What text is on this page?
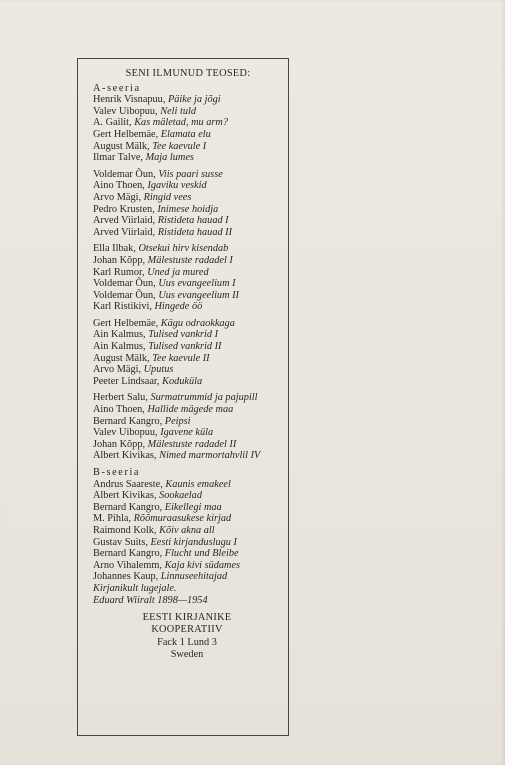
SENI ILMUNUD TEOSED:
A-seeria
Henrik Visnapuu, Päike ja jõgi
Valev Uibopuu, Neli tuld
A. Gailit, Kas mäletad, mu arm?
Gert Helbemäe, Elamata elu
August Mälk, Tee kaevule I
Ilmar Talve, Maja lumes
Voldemar Õun, Viis paari susse
Aino Thoen, Igaviku veskid
Arvo Mägi, Ringid vees
Pedro Krusten, Inimese hoidja
Arved Viirlaid, Ristideta hauad I
Arved Viirlaid, Ristideta hauad II
Ella Ilbak, Otsekui hirv kisendab
Johan Kõpp, Mälestuste radadel I
Karl Rumor, Uned ja mured
Voldemar Õun, Uus evangeelium I
Voldemar Õun, Uus evangeelium II
Karl Ristikivi, Hingede öö
Gert Helbemäe, Kägu odraokkaga
Ain Kalmus, Tulised vankrid I
Ain Kalmus, Tulised vankrid II
August Mälk, Tee kaevule II
Arvo Mägi, Uputus
Peeter Lindsaar, Koduküla
Herbert Salu, Surmatrummid ja pajupill
Aino Thoen, Hallide mägede maa
Bernard Kangro, Peipsi
Valev Uibopuu, Igavene küla
Johan Kõpp, Mälestuste radadel II
Albert Kivikas, Nimed marmortahvlil IV
B-seeria
Andrus Saareste, Kaunis emakeel
Albert Kivikas, Sookaelad
Bernard Kangro, Eikellegi maa
M. Pihla, Rõõmuraasukese kirjad
Raimond Kolk, Kõiv akna all
Gustav Suits, Eesti kirjanduslugu I
Bernard Kangro, Flucht und Bleibe
Arno Vihalemm, Kaja kivi südames
Johannes Kaup, Linnuseehitajad
Kirjanikult lugejale.
Eduard Wiiralt 1898—1954
EESTI KIRJANIKE
KOOPERATIIV
Fack 1 Lund 3
Sweden
